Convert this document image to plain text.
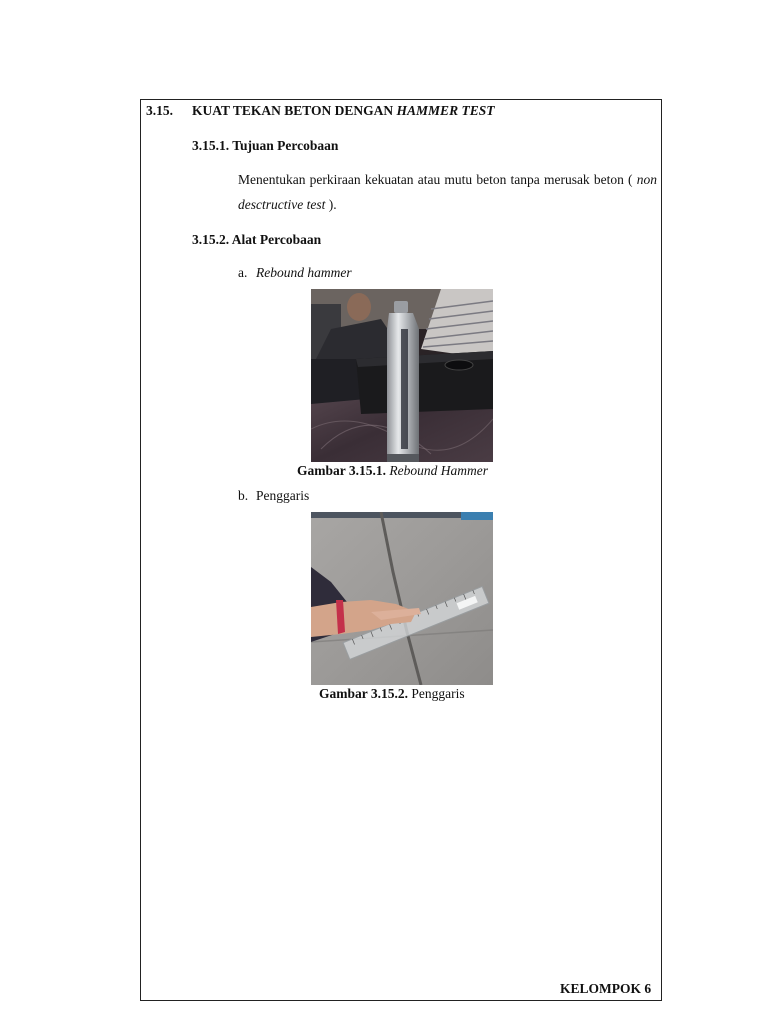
3.15. KUAT TEKAN BETON DENGAN HAMMER TEST
3.15.1. Tujuan Percobaan
Menentukan perkiraan kekuatan atau mutu beton tanpa merusak beton ( non desctructive test ).
3.15.2. Alat Percobaan
a. Rebound hammer
Gambar 3.15.1. Rebound Hammer
b. Penggaris
Gambar 3.15.2. Penggaris
KELOMPOK 6
